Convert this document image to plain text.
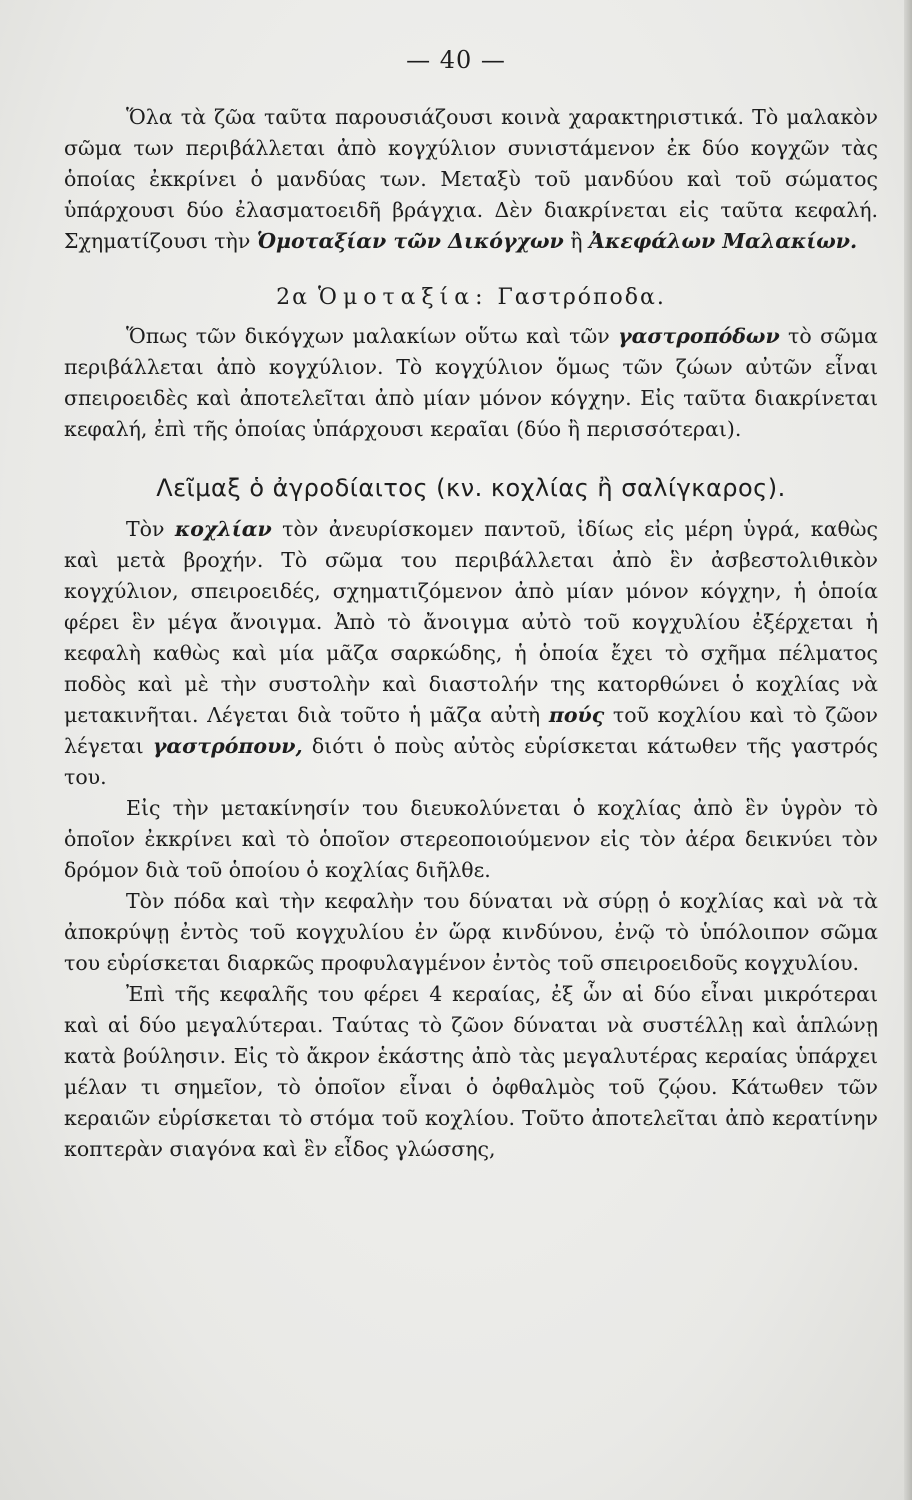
— 40 —

Ὅλα τὰ ζῶα ταῦτα παρουσιάζουσι κοινὰ χαρακτηριστικά. Τὸ μαλακὸν σῶμα των περιβάλλεται ἀπὸ κογχύλιον συνιστάμενον ἐκ δύο κογχῶν τὰς ὁποίας ἐκκρίνει ὁ μανδύας των. Μεταξὺ τοῦ μανδύου καὶ τοῦ σώματος ὑπάρχουσι δύο ἐλασματοειδῆ βράγχια. Δὲν διακρίνεται εἰς ταῦτα κεφαλή. Σχηματίζουσι τὴν Ὁμοταξίαν τῶν Δικόγχων ἢ Ἀκεφάλων Μαλακίων.

2α Ὁμοταξία: Γαστρόποδα.

Ὅπως τῶν δικόγχων μαλακίων οὕτω καὶ τῶν γαστροπόδων τὸ σῶμα περιβάλλεται ἀπὸ κογχύλιον. Τὸ κογχύλιον ὅμως τῶν ζώων αὐτῶν εἶναι σπειροειδὲς καὶ ἀποτελεῖται ἀπὸ μίαν μόνον κόγχην. Εἰς ταῦτα διακρίνεται κεφαλή, ἐπὶ τῆς ὁποίας ὑπάρχουσι κεραῖαι (δύο ἢ περισσότεραι).

Λεῖμαξ ὁ ἀγροδίαιτος (κν. κοχλίας ἢ σαλίγκαρος).

Τὸν κοχλίαν τὸν ἀνευρίσκομεν παντοῦ, ἰδίως εἰς μέρη ὑγρά, καθὼς καὶ μετὰ βροχήν. Τὸ σῶμα του περιβάλλεται ἀπὸ ἓν ἀσβεστολιθικὸν κογχύλιον, σπειροειδές, σχηματιζόμενον ἀπὸ μίαν μόνον κόγχην, ἡ ὁποία φέρει ἓν μέγα ἄνοιγμα. Ἀπὸ τὸ ἄνοιγμα αὐτὸ τοῦ κογχυλίου ἐξέρχεται ἡ κεφαλὴ καθὼς καὶ μία μᾶζα σαρκώδης, ἡ ὁποία ἔχει τὸ σχῆμα πέλματος ποδὸς καὶ μὲ τὴν συστολὴν καὶ διαστολήν της κατορθώνει ὁ κοχλίας νὰ μετακινῆται. Λέγεται διὰ τοῦτο ἡ μᾶζα αὐτὴ πούς τοῦ κοχλίου καὶ τὸ ζῶον λέγεται γαστρόπουν, διότι ὁ ποὺς αὐτὸς εὑρίσκεται κάτωθεν τῆς γαστρός του.

Εἰς τὴν μετακίνησίν του διευκολύνεται ὁ κοχλίας ἀπὸ ἓν ὑγρὸν τὸ ὁποῖον ἐκκρίνει καὶ τὸ ὁποῖον στερεοποιούμενον εἰς τὸν ἀέρα δεικνύει τὸν δρόμον διὰ τοῦ ὁποίου ὁ κοχλίας διῆλθε.

Τὸν πόδα καὶ τὴν κεφαλὴν του δύναται νὰ σύρῃ ὁ κοχλίας καὶ νὰ τὰ ἀποκρύψῃ ἐντὸς τοῦ κογχυλίου ἐν ὥρᾳ κινδύνου, ἐνῷ τὸ ὑπόλοιπον σῶμα του εὑρίσκεται διαρκῶς προφυλαγμένον ἐντὸς τοῦ σπειροειδοῦς κογχυλίου.

Ἐπὶ τῆς κεφαλῆς του φέρει 4 κεραίας, ἐξ ὧν αἱ δύο εἶναι μικρότεραι καὶ αἱ δύο μεγαλύτεραι. Ταύτας τὸ ζῶον δύναται νὰ συστέλλῃ καὶ ἁπλώνῃ κατὰ βούλησιν. Εἰς τὸ ἄκρον ἑκάστης ἀπὸ τὰς μεγαλυτέρας κεραίας ὑπάρχει μέλαν τι σημεῖον, τὸ ὁποῖον εἶναι ὁ ὀφθαλμὸς τοῦ ζῴου. Κάτωθεν τῶν κεραιῶν εὑρίσκεται τὸ στόμα τοῦ κοχλίου. Τοῦτο ἀποτελεῖται ἀπὸ κερατίνην κοπτερὰν σιαγόνα καὶ ἓν εἶδος γλώσσης,
